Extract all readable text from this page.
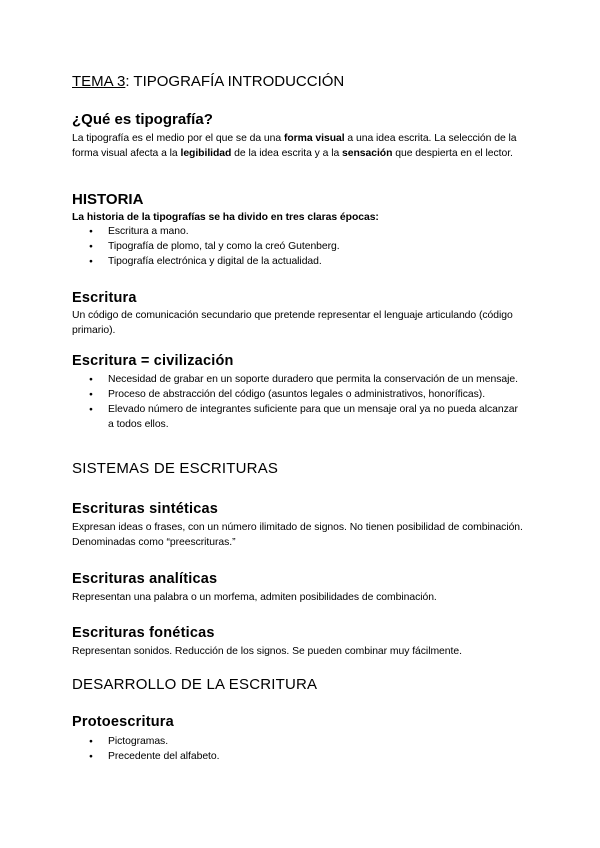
TEMA 3: TIPOGRAFÍA INTRODUCCIÓN
¿Qué es tipografía?
La tipografía es el medio por el que se da una forma visual a una idea escrita. La selección de la forma visual afecta a la legibilidad de la idea escrita y a la sensación que despierta en el lector.
HISTORIA
La historia de la tipografías se ha divido en tres claras épocas:
● Escritura a mano.
● Tipografía de plomo, tal y como la creó Gutenberg.
● Tipografía electrónica y digital de la actualidad.
Escritura
Un código de comunicación secundario que pretende representar el lenguaje articulando (código primario).
Escritura = civilización
● Necesidad de grabar en un soporte duradero que permita la conservación de un mensaje.
● Proceso de abstracción del código (asuntos legales o administrativos, honoríficas).
● Elevado número de integrantes suficiente para que un mensaje oral ya no pueda alcanzar a todos ellos.
SISTEMAS DE ESCRITURAS
Escrituras sintéticas
Expresan ideas o frases, con un número ilimitado de signos. No tienen posibilidad de combinación. Denominadas como “preescrituras.”
Escrituras analíticas
Representan una palabra o un morfema, admiten posibilidades de combinación.
Escrituras fonéticas
Representan sonidos. Reducción de los signos. Se pueden combinar muy fácilmente.
DESARROLLO DE LA ESCRITURA
Protoescritura
● Pictogramas.
● Precedente del alfabeto.
